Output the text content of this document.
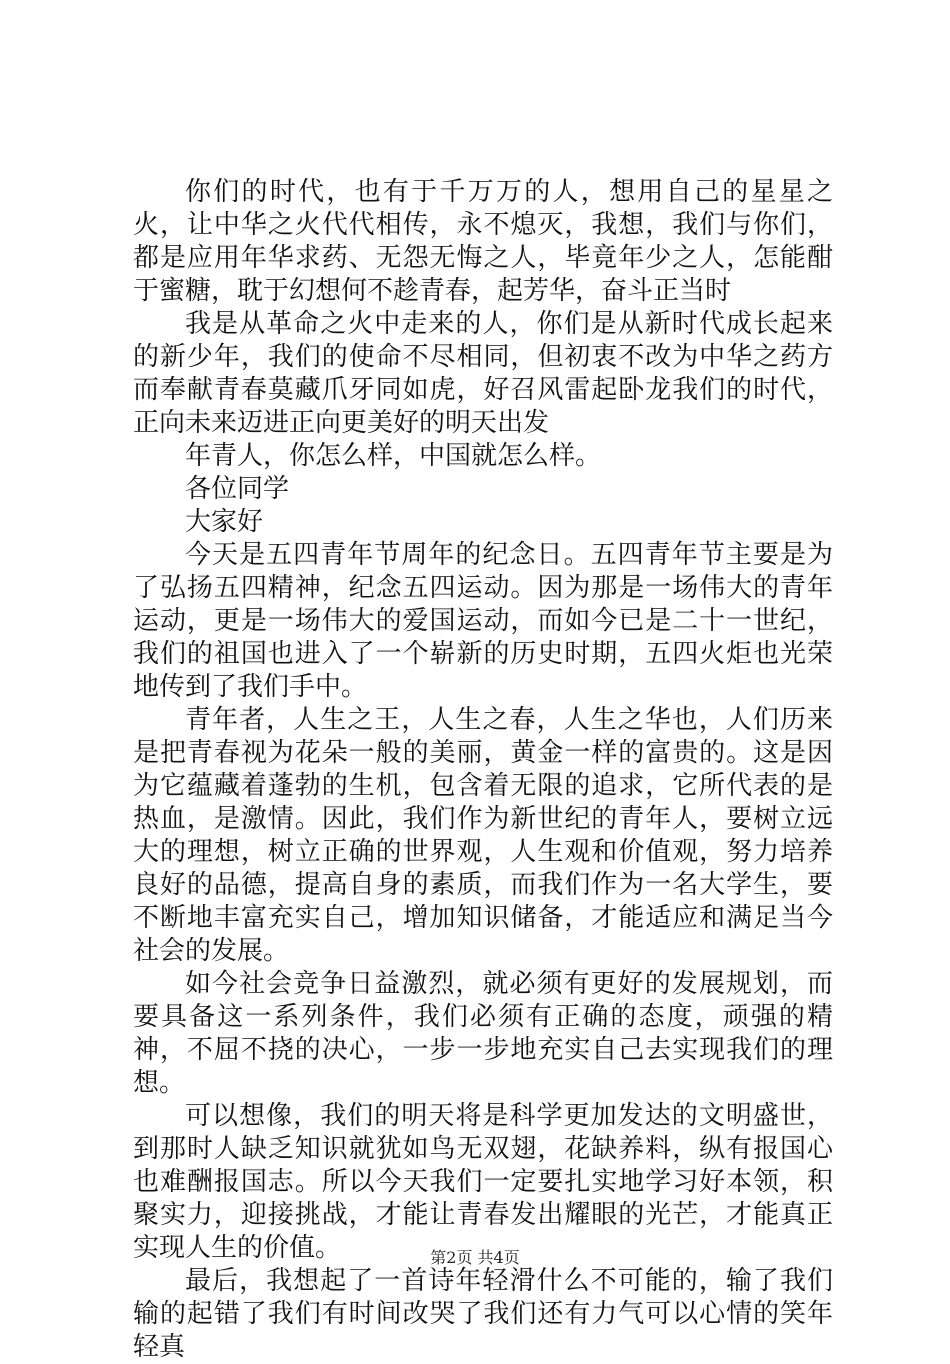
你们的时代，也有于千万万的人，想用自己的星星之火，让中华之火代代相传，永不熄灭，我想，我们与你们，都是应用年华求药、无怨无悔之人，毕竟年少之人，怎能酣于蜜糖，耽于幻想何不趁青春，起芳华，奋斗正当时

我是从革命之火中走来的人，你们是从新时代成长起来的新少年，我们的使命不尽相同，但初衷不改为中华之药方而奉献青春莫藏爪牙同如虎，好召风雷起卧龙我们的时代，正向未来迈进正向更美好的明天出发

年青人，你怎么样，中国就怎么样。

各位同学

大家好

今天是五四青年节周年的纪念日。五四青年节主要是为了弘扬五四精神，纪念五四运动。因为那是一场伟大的青年运动，更是一场伟大的爱国运动，而如今已是二十一世纪，我们的祖国也进入了一个崭新的历史时期，五四火炬也光荣地传到了我们手中。

青年者，人生之王，人生之春，人生之华也，人们历来是把青春视为花朵一般的美丽，黄金一样的富贵的。这是因为它蕴藏着蓬勃的生机，包含着无限的追求，它所代表的是热血，是激情。因此，我们作为新世纪的青年人，要树立远大的理想，树立正确的世界观，人生观和价值观，努力培养良好的品德，提高自身的素质，而我们作为一名大学生，要不断地丰富充实自己，增加知识储备，才能适应和满足当今社会的发展。

如今社会竞争日益激烈，就必须有更好的发展规划，而要具备这一系列条件，我们必须有正确的态度，顽强的精神，不屈不挠的决心，一步一步地充实自己去实现我们的理想。

可以想像，我们的明天将是科学更加发达的文明盛世，到那时人缺乏知识就犹如鸟无双翅，花缺养料，纵有报国心也难酬报国志。所以今天我们一定要扎实地学习好本领，积聚实力，迎接挑战，才能让青春发出耀眼的光芒，才能真正实现人生的价值。

最后，我想起了一首诗年轻滑什么不可能的，输了我们输的起错了我们有时间改哭了我们还有力气可以心情的笑年轻真

第2页 共4页
